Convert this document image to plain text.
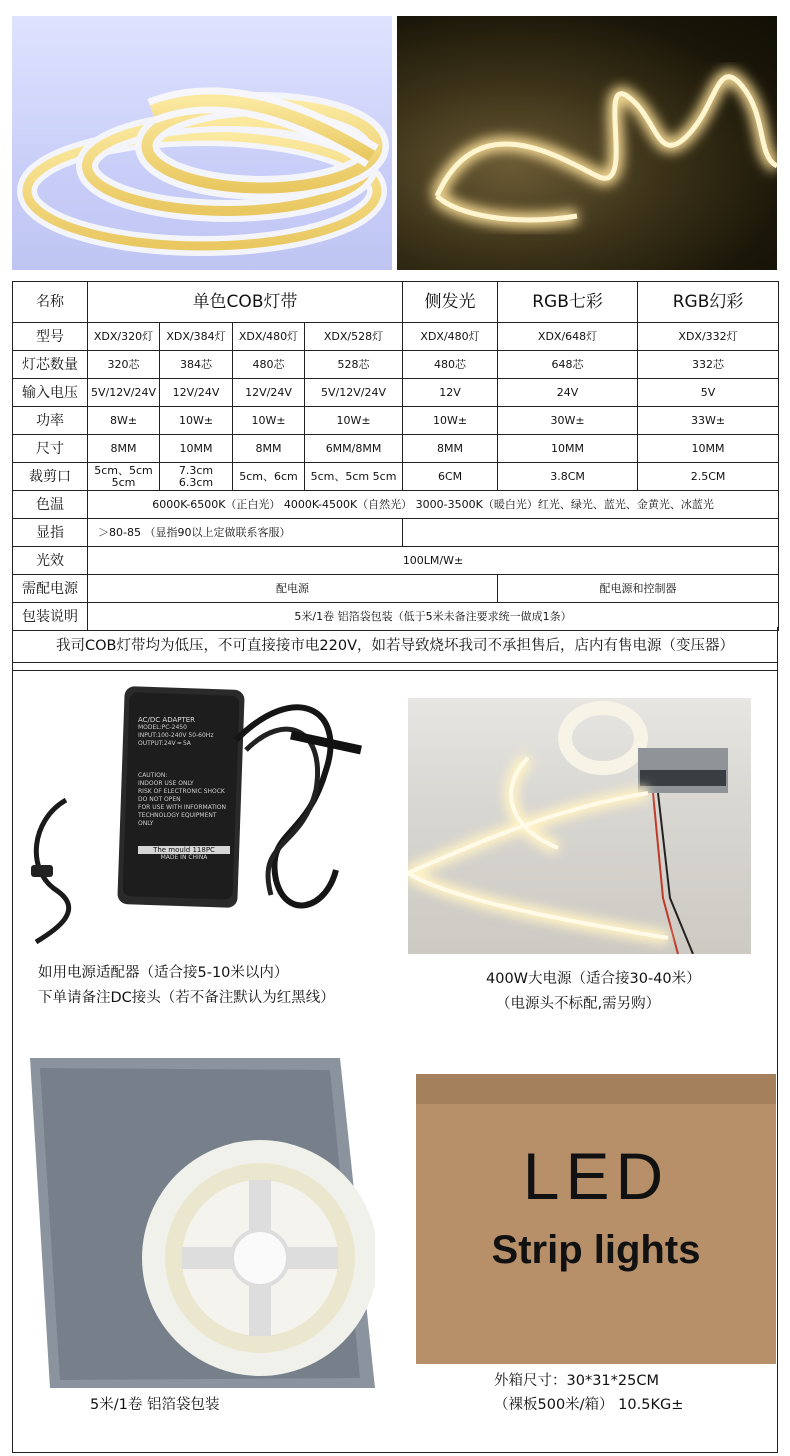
名称	单色COB灯带				侧发光	RGB七彩	RGB幻彩
型号	XDX/320灯	XDX/384灯	XDX/480灯	XDX/528灯	XDX/480灯	XDX/648灯	XDX/332灯
灯芯数量	320芯	384芯	480芯	528芯	480芯	648芯	332芯
输入电压	5V/12V/24V	12V/24V	12V/24V	5V/12V/24V	12V	24V	5V
功率	8W±	10W±	10W±	10W±	10W±	30W±	33W±
尺寸	8MM	10MM	8MM	6MM/8MM	8MM	10MM	10MM
裁剪口	5cm、5cm 5cm	7.3cm 6.3cm	5cm、6cm	5cm、5cm 5cm	6CM	3.8CM	2.5CM
色温	6000K-6500K（正白光） 4000K-4500K（自然光） 3000-3500K（暖白光）红光、绿光、蓝光、金黄光、冰蓝光						
显指	＞80-85 （显指90以上定做联系客服）						
光效	100LM/W±						
需配电源	配电源					配电源和控制器	
包装说明	5米/1卷 铝箔袋包装（低于5米未备注要求统一做成1条）						
我司COB灯带均为低压，不可直接接市电220V，如若导致烧坏我司不承担售后，店内有售电源（变压器）
AC/DC ADAPTER
MODEL:PC-2450
INPUT:100-240V 50-60Hz
OUTPUT:24V ═ 5A
CAUTION:
INDOOR USE ONLY
RISK OF ELECTRONIC SHOCK
DO NOT OPEN
FOR USE WITH INFORMATION
TECHNOLOGY EQUIPMENT ONLY
The mould 118PC
MADE IN CHINA
如用电源适配器（适合接5-10米以内）
下单请备注DC接头（若不备注默认为红黑线）
400W大电源（适合接30-40米）
（电源头不标配,需另购）
5米/1卷 铝箔袋包装
LED
Strip lights
外箱尺寸：30*31*25CM
（裸板500米/箱） 10.5KG±
